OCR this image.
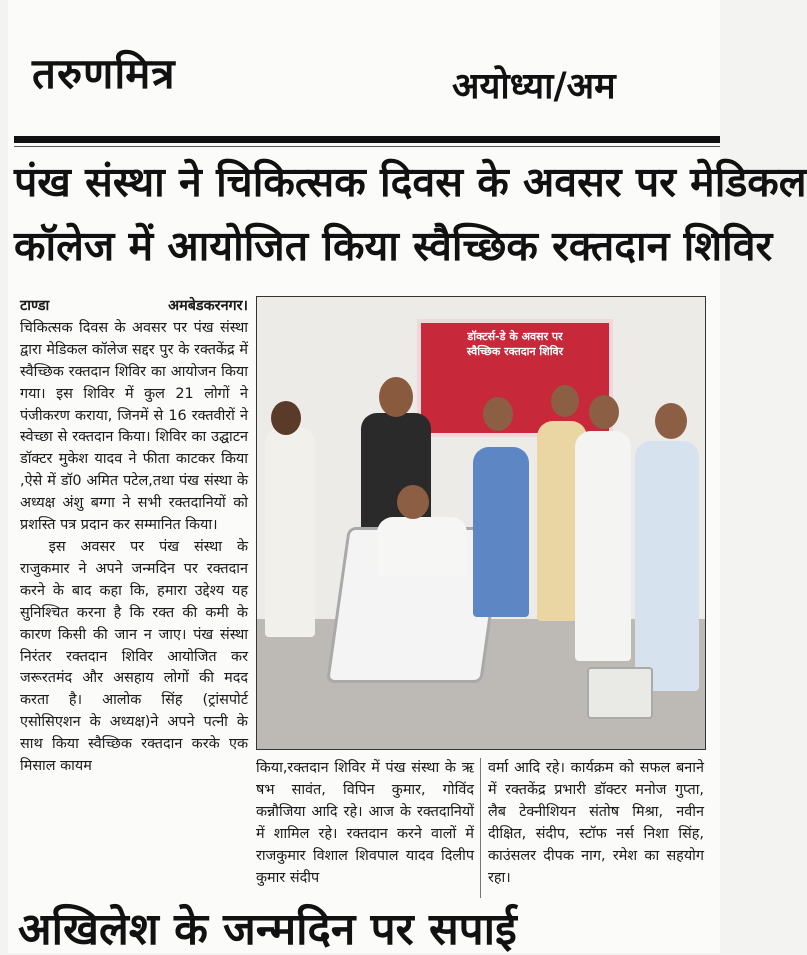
तरुणमित्र	अयोध्या/अम
पंख संस्था ने चिकित्सक दिवस के अवसर पर मेडिकल
कॉलेज में आयोजित किया स्वैच्छिक रक्तदान शिविर
टाण्डा	अमबेडकरनगर।

चिकित्सक दिवस के अवसर पर पंख संस्था द्वारा मेडिकल कॉलेज सद्दर पुर के रक्तकेंद्र में स्वैच्छिक रक्तदान शिविर का आयोजन किया गया। इस शिविर में कुल 21 लोगों ने पंजीकरण कराया, जिनमें से 16 रक्तवीरों ने स्वेच्छा से रक्तदान किया। शिविर का उद्घाटन डॉक्टर मुकेश यादव ने फीता काटकर किया ,ऐसे में डॉ0 अमित पटेल,तथा पंख संस्था के अध्यक्ष अंशु बग्गा ने सभी रक्तदानियों को प्रशस्ति पत्र प्रदान कर सम्मानित किया।

इस अवसर पर पंख संस्था के राजुकमार ने अपने जन्मदिन पर रक्तदान करने के बाद कहा कि, हमारा उद्देश्य यह सुनिश्चित करना है कि रक्त की कमी के कारण किसी की जान न जाए। पंख संस्था निरंतर रक्तदान शिविर आयोजित कर जरूरतमंद और असहाय लोगों की मदद करता है। आलोक सिंह (ट्रांसपोर्ट एसोसिएशन के अध्यक्ष)ने अपने पत्नी के साथ किया स्वैच्छिक रक्तदान करके एक मिसाल कायम

डॉक्टर्स-डे के अवसर पर
स्वैच्छिक रक्तदान शिविर

किया,रक्तदान शिविर में पंख संस्था के ऋ षभ सावंत, विपिन कुमार, गोविंद कन्नौजिया आदि रहे। आज के रक्तदानियों में शामिल रहे। रक्तदान करने वालों में राजकुमार विशाल शिवपाल यादव दिलीप कुमार संदीप

वर्मा आदि रहे। कार्यक्रम को सफल बनाने में रक्तकेंद्र प्रभारी डॉक्टर मनोज गुप्ता, लैब टेक्नीशियन संतोष मिश्रा, नवीन दीक्षित, संदीप, स्टॉफ नर्स निशा सिंह, काउंसलर दीपक नाग, रमेश का सहयोग रहा।

अखिलेश के जन्मदिन पर सपाई
